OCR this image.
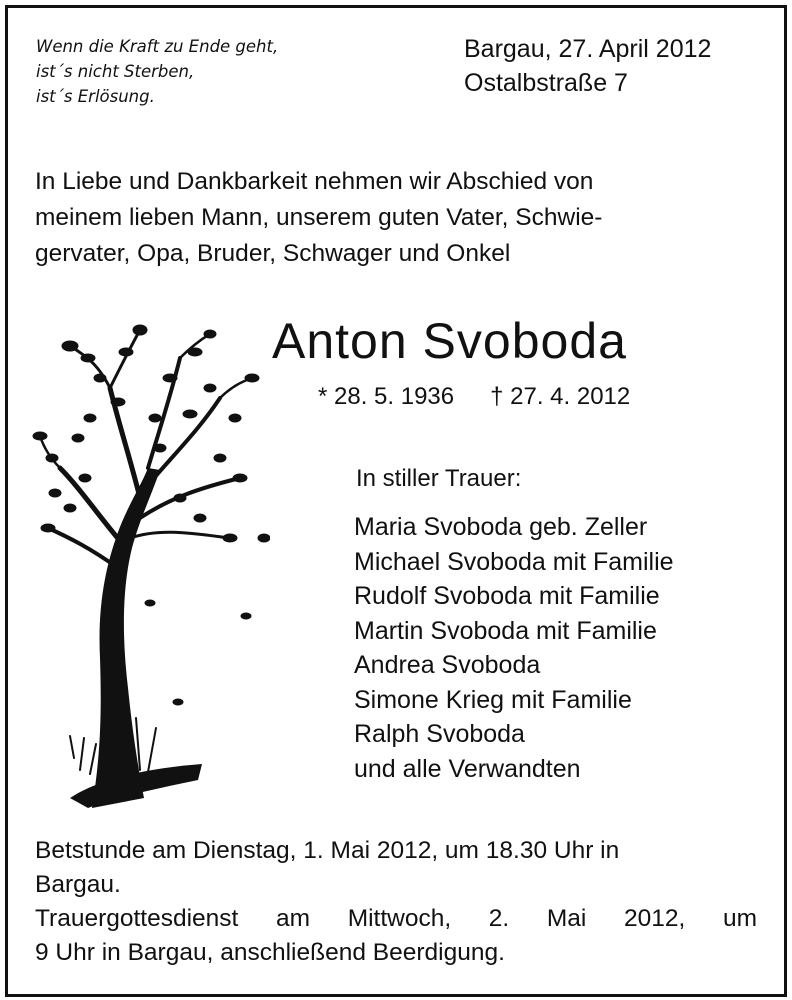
Wenn die Kraft zu Ende geht,
ist´s nicht Sterben,
ist´s Erlösung.
Bargau, 27. April 2012
Ostalbstraße 7
In Liebe und Dankbarkeit nehmen wir Abschied von
meinem lieben Mann, unserem guten Vater, Schwie-
gervater, Opa, Bruder, Schwager und Onkel
Anton Svoboda
* 28. 5. 1936 † 27. 4. 2012
In stiller Trauer:
Maria Svoboda geb. Zeller
Michael Svoboda mit Familie
Rudolf Svoboda mit Familie
Martin Svoboda mit Familie
Andrea Svoboda
Simone Krieg mit Familie
Ralph Svoboda
und alle Verwandten
Betstunde am Dienstag, 1. Mai 2012, um 18.30 Uhr in
Bargau.
Trauergottesdienst am Mittwoch, 2. Mai 2012, um
9 Uhr in Bargau, anschließend Beerdigung.
